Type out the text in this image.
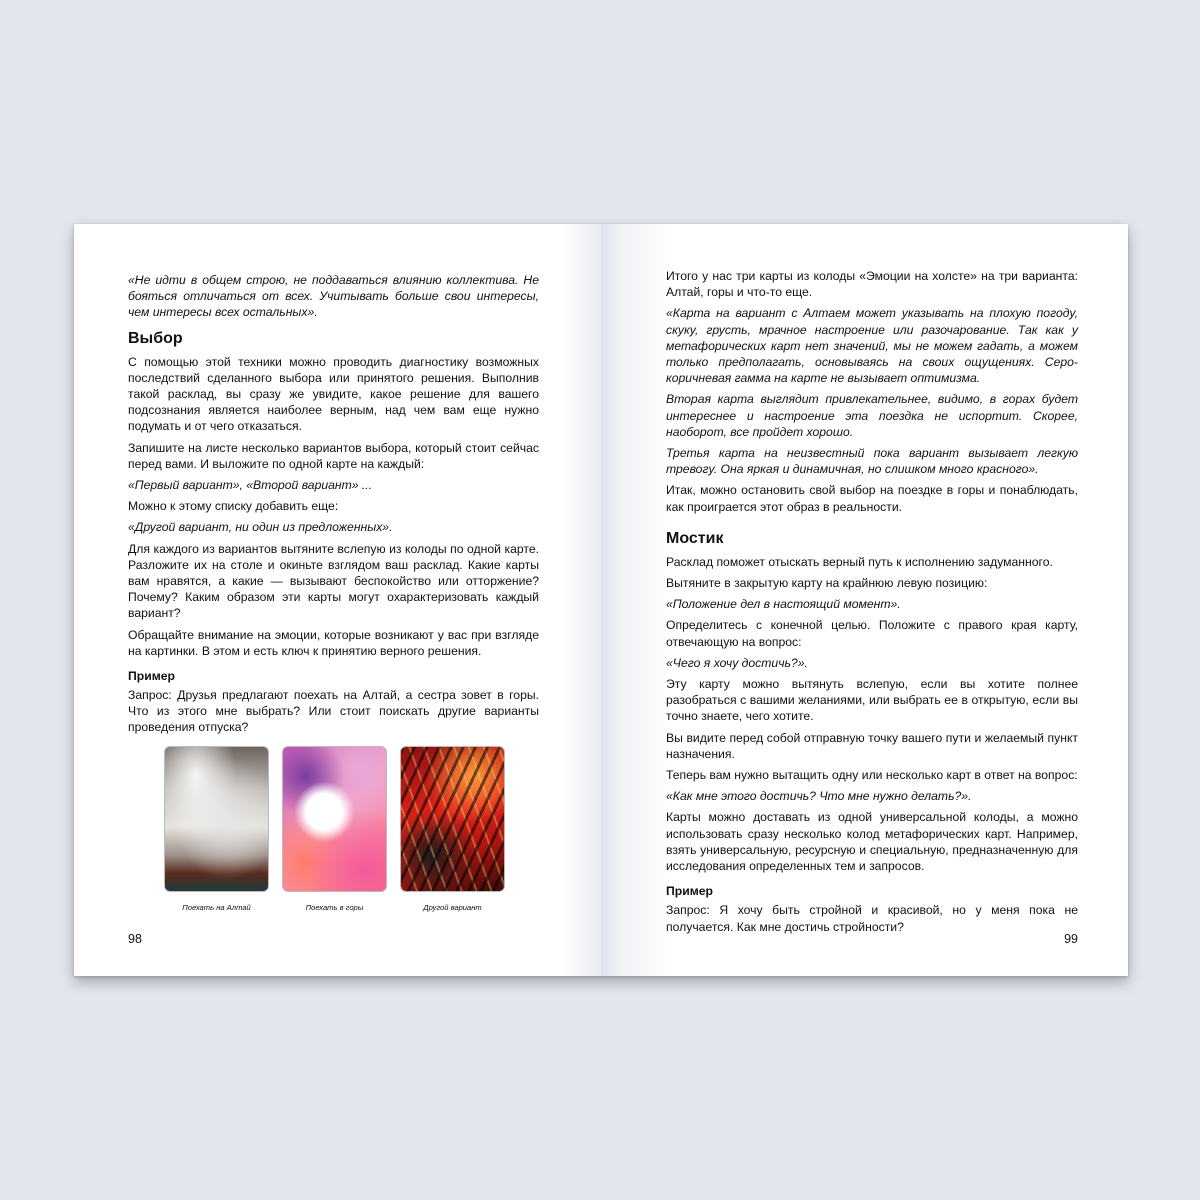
«Не идти в общем строю, не поддаваться влиянию коллектива. Не бояться отличаться от всех. Учитывать больше свои интересы, чем интересы всех остальных».

Выбор

С помощью этой техники можно проводить диагностику возможных последствий сделанного выбора или принятого решения. Выполнив такой расклад, вы сразу же увидите, какое решение для вашего подсознания является наиболее верным, над чем вам еще нужно подумать и от чего отказаться.

Запишите на листе несколько вариантов выбора, который стоит сейчас перед вами. И выложите по одной карте на каждый:

«Первый вариант», «Второй вариант» ...

Можно к этому списку добавить еще:

«Другой вариант, ни один из предложенных».

Для каждого из вариантов вытяните вслепую из колоды по одной карте. Разложите их на столе и окиньте взглядом ваш расклад. Какие карты вам нравятся, а какие — вызывают беспокойство или отторжение? Почему? Каким образом эти карты могут охарактеризовать каждый вариант?

Обращайте внимание на эмоции, которые возникают у вас при взгляде на картинки. В этом и есть ключ к принятию верного решения.

Пример

Запрос: Друзья предлагают поехать на Алтай, а сестра зовет в горы. Что из этого мне выбрать? Или стоит поискать другие варианты проведения отпуска?

Поехать на Алтай	Поехать в горы	Другой вариант
98

Итого у нас три карты из колоды «Эмоции на холсте» на три варианта: Алтай, горы и что-то еще.

«Карта на вариант с Алтаем может указывать на плохую погоду, скуку, грусть, мрачное настроение или разочарование. Так как у метафорических карт нет значений, мы не можем гадать, а можем только предполагать, основываясь на своих ощущениях. Серо-коричневая гамма на карте не вызывает оптимизма.

Вторая карта выглядит привлекательнее, видимо, в горах будет интереснее и настроение эта поездка не испортит. Скорее, наоборот, все пройдет хорошо.

Третья карта на неизвестный пока вариант вызывает легкую тревогу. Она яркая и динамичная, но слишком много красного».

Итак, можно остановить свой выбор на поездке в горы и понаблюдать, как проиграется этот образ в реальности.

Мостик

Расклад поможет отыскать верный путь к исполнению задуманного.

Вытяните в закрытую карту на крайнюю левую позицию:

«Положение дел в настоящий момент».

Определитесь с конечной целью. Положите с правого края карту, отвечающую на вопрос:

«Чего я хочу достичь?».

Эту карту можно вытянуть вслепую, если вы хотите полнее разобраться с вашими желаниями, или выбрать ее в открытую, если вы точно знаете, чего хотите.

Вы видите перед собой отправную точку вашего пути и желаемый пункт назначения.

Теперь вам нужно вытащить одну или несколько карт в ответ на вопрос:

«Как мне этого достичь? Что мне нужно делать?».

Карты можно доставать из одной универсальной колоды, а можно использовать сразу несколько колод метафорических карт. Например, взять универсальную, ресурсную и специальную, предназначенную для исследования определенных тем и запросов.

Пример

Запрос: Я хочу быть стройной и красивой, но у меня пока не получается. Как мне достичь стройности?

99
